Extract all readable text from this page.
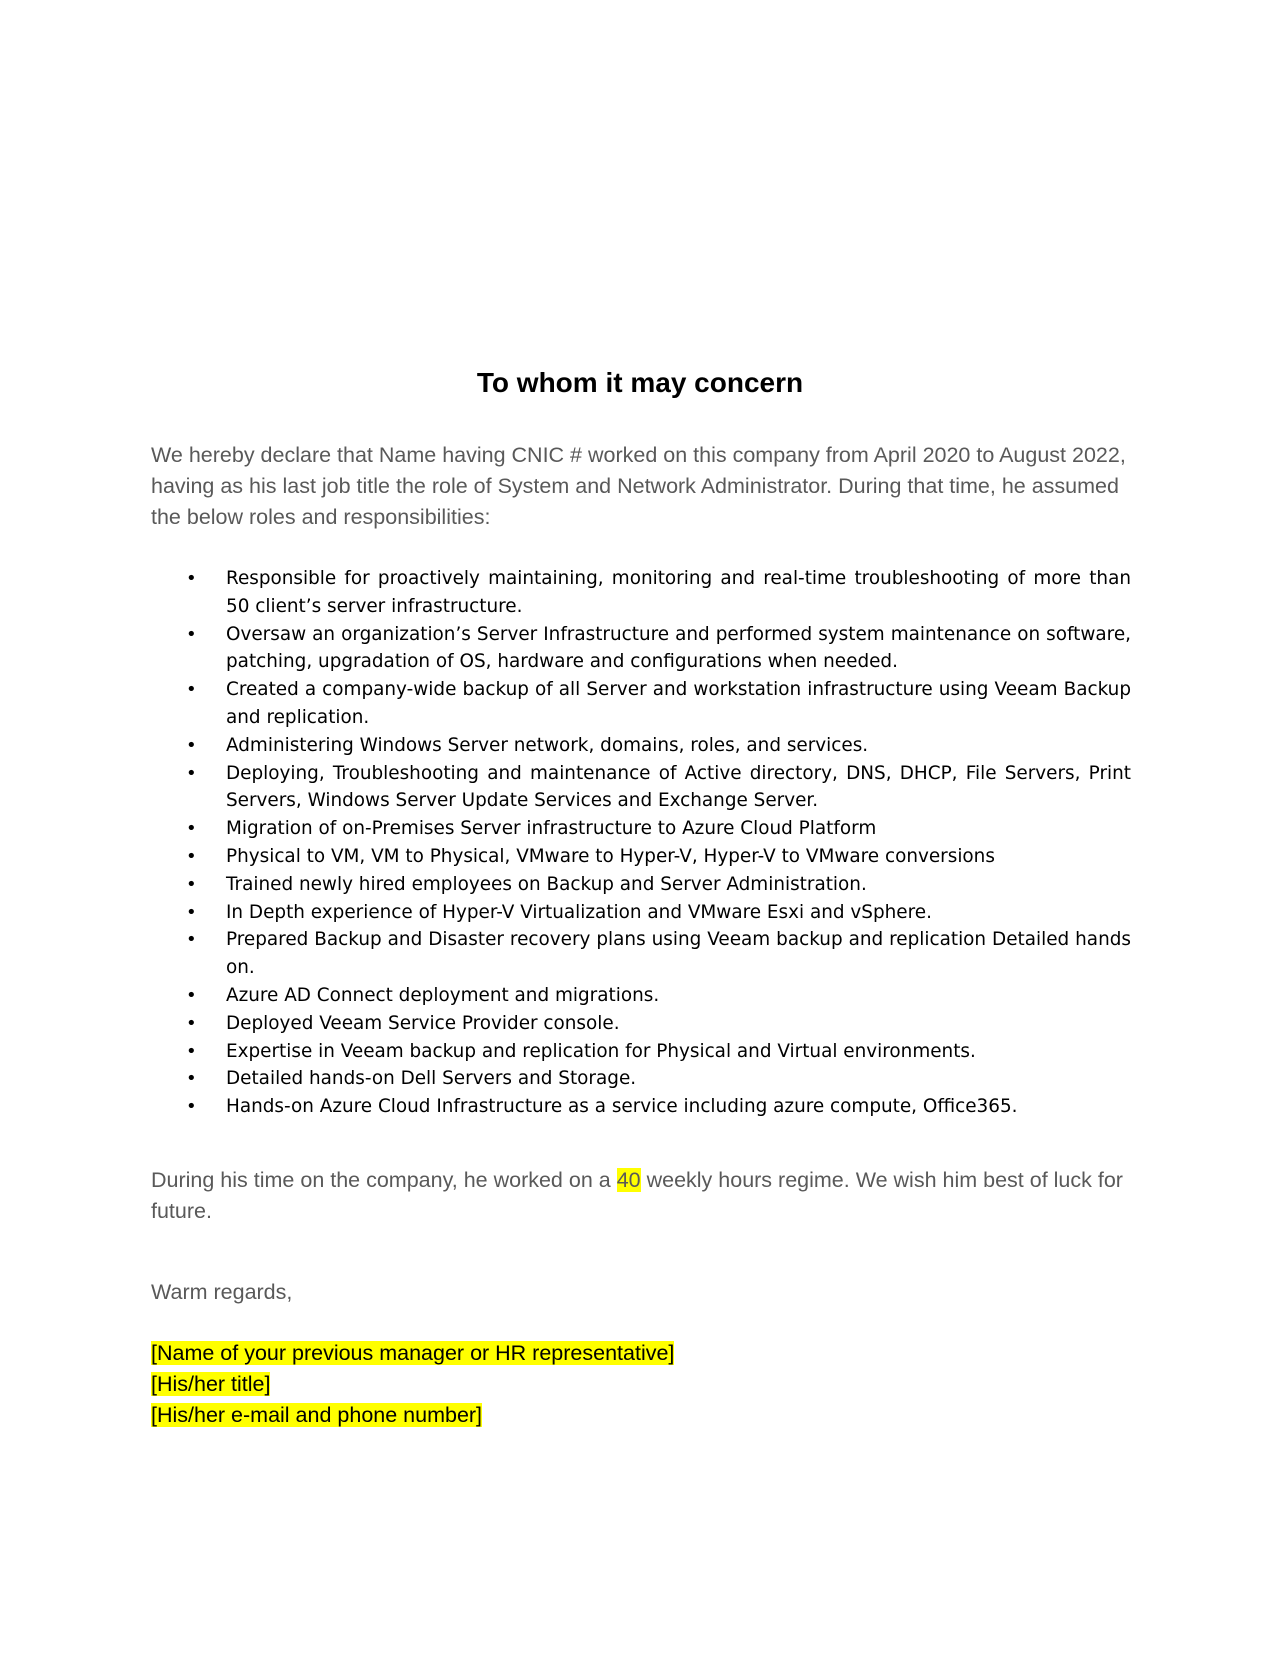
To whom it may concern

We hereby declare that Name having CNIC # worked on this company from April 2020 to August 2022, having as his last job title the role of System and Network Administrator. During that time, he assumed the below roles and responsibilities:

• Responsible for proactively maintaining, monitoring and real-time troubleshooting of more than 50 client’s server infrastructure.
• Oversaw an organization’s Server Infrastructure and performed system maintenance on software, patching, upgradation of OS, hardware and configurations when needed.
• Created a company-wide backup of all Server and workstation infrastructure using Veeam Backup and replication.
• Administering Windows Server network, domains, roles, and services.
• Deploying, Troubleshooting and maintenance of Active directory, DNS, DHCP, File Servers, Print Servers, Windows Server Update Services and Exchange Server.
• Migration of on-Premises Server infrastructure to Azure Cloud Platform
• Physical to VM, VM to Physical, VMware to Hyper-V, Hyper-V to VMware conversions
• Trained newly hired employees on Backup and Server Administration.
• In Depth experience of Hyper-V Virtualization and VMware Esxi and vSphere.
• Prepared Backup and Disaster recovery plans using Veeam backup and replication Detailed hands on.
• Azure AD Connect deployment and migrations.
• Deployed Veeam Service Provider console.
• Expertise in Veeam backup and replication for Physical and Virtual environments.
• Detailed hands-on Dell Servers and Storage.
• Hands-on Azure Cloud Infrastructure as a service including azure compute, Office365.

During his time on the company, he worked on a 40 weekly hours regime. We wish him best of luck for future.

Warm regards,

[Name of your previous manager or HR representative]
[His/her title]
[His/her e-mail and phone number]
